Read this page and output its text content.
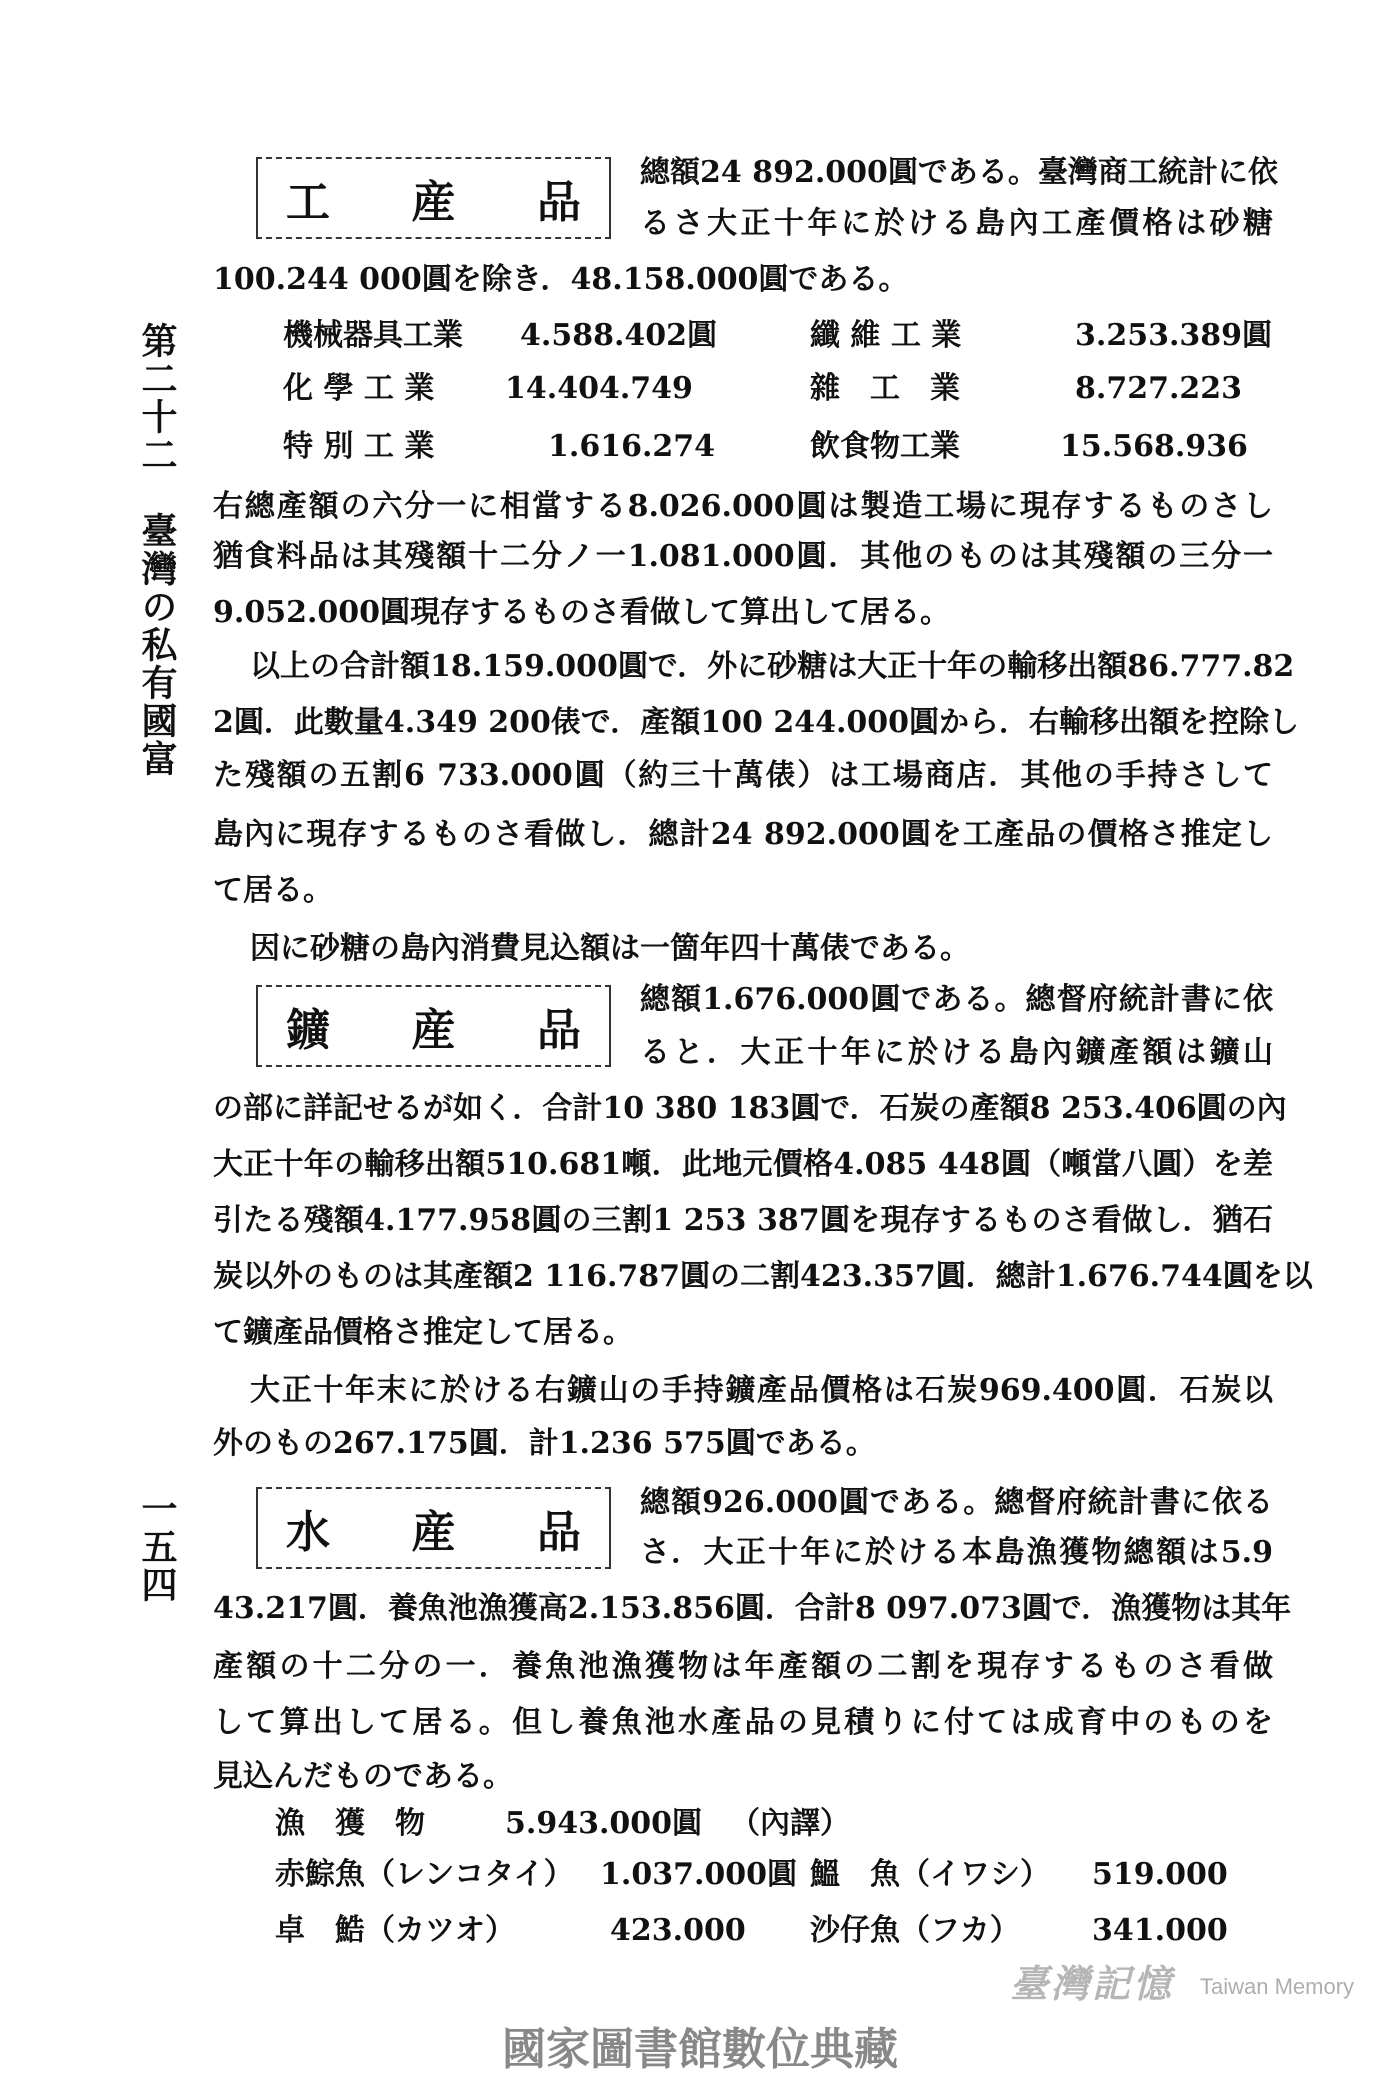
第二十二　臺灣の私有國富
一五四
工 産 品
總額24 892.000圓である。臺灣商工統計に依
るさ大正十年に於ける島內工產價格は砂糖
100.244 000圓を除き．48.158.000圓である。
機械器具工業 4.588.402圓	纖 維 工 業	3.253.389圓
化 學 工 業 14.404.749	雜　工　業	8.727.223
特 別 工 業	1.616.274	飲食物工業	15.568.936
右總產額の六分一に相當する8.026.000圓は製造工場に現存するものさし
猶食料品は其殘額十二分ノ一1.081.000圓．其他のものは其殘額の三分一
9.052.000圓現存するものさ看做して算出して居る。
以上の合計額18.159.000圓で．外に砂糖は大正十年の輸移出額86.777.82
2圓．此數量4.349 200俵で．產額100 244.000圓から．右輸移出額を控除し
た殘額の五割6 733.000圓（約三十萬俵）は工場商店．其他の手持さして
島內に現存するものさ看做し．總計24 892.000圓を工產品の價格さ推定し
て居る。
因に砂糖の島內消費見込額は一箇年四十萬俵である。
鑛 産 品
總額1.676.000圓である。總督府統計書に依
ると．大正十年に於ける島內鑛產額は鑛山
の部に詳記せるが如く．合計10 380 183圓で．石炭の產額8 253.406圓の內
大正十年の輸移出額510.681噸．此地元價格4.085 448圓（噸當八圓）を差
引たる殘額4.177.958圓の三割1 253 387圓を現存するものさ看做し．猶石
炭以外のものは其產額2 116.787圓の二割423.357圓．總計1.676.744圓を以
て鑛產品價格さ推定して居る。
大正十年末に於ける右鑛山の手持鑛產品價格は石炭969.400圓．石炭以
外のもの267.175圓．計1.236 575圓である。
水 産 品
總額926.000圓である。總督府統計書に依る
さ．大正十年に於ける本島漁獲物總額は5.9
43.217圓．養魚池漁獲高2.153.856圓．合計8 097.073圓で．漁獲物は其年
產額の十二分の一．養魚池漁獲物は年產額の二割を現存するものさ看做
して算出して居る。但し養魚池水產品の見積りに付ては成育中のものを
見込んだものである。
漁　獲　物	5.943.000圓 （內譯）
赤鯮魚（レンコタイ） 1.037.000圓 鰮　魚（イワシ） 519.000
卓　鯌（カツオ）	423.000 沙仔魚（フカ） 341.000
臺灣記憶 Taiwan Memory
國家圖書館數位典藏
